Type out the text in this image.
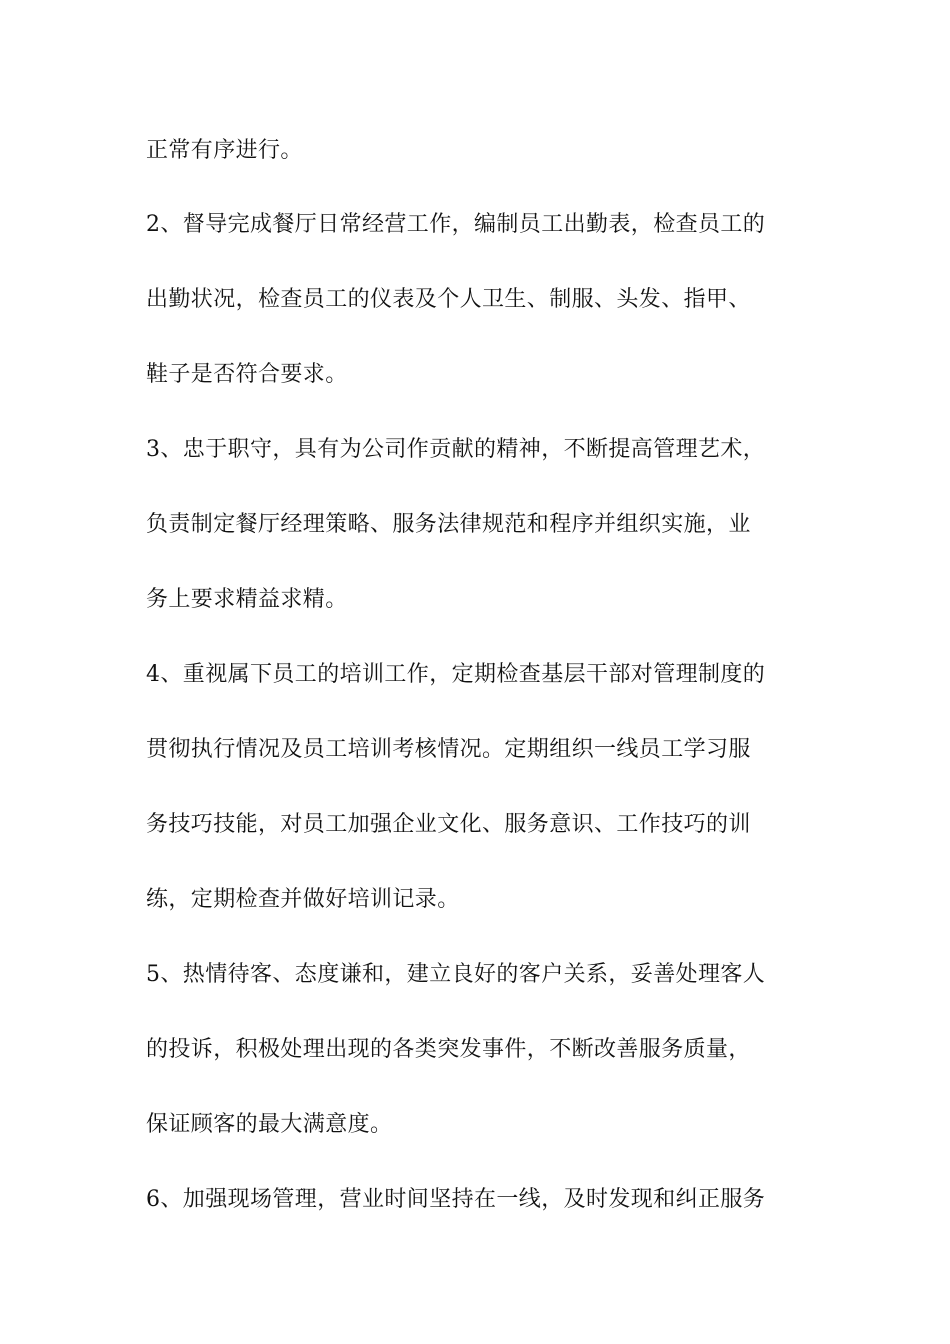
正常有序进行。
2、督导完成餐厅日常经营工作，编制员工出勤表，检查员工的
出勤状况，检查员工的仪表及个人卫生、制服、头发、指甲、
鞋子是否符合要求。
3、忠于职守，具有为公司作贡献的精神，不断提高管理艺术，
负责制定餐厅经理策略、服务法律规范和程序并组织实施，业
务上要求精益求精。
4、重视属下员工的培训工作，定期检查基层干部对管理制度的
贯彻执行情况及员工培训考核情况。定期组织一线员工学习服
务技巧技能，对员工加强企业文化、服务意识、工作技巧的训
练，定期检查并做好培训记录。
5、热情待客、态度谦和，建立良好的客户关系，妥善处理客人
的投诉，积极处理出现的各类突发事件，不断改善服务质量，
保证顾客的最大满意度。
6、加强现场管理，营业时间坚持在一线，及时发现和纠正服务
